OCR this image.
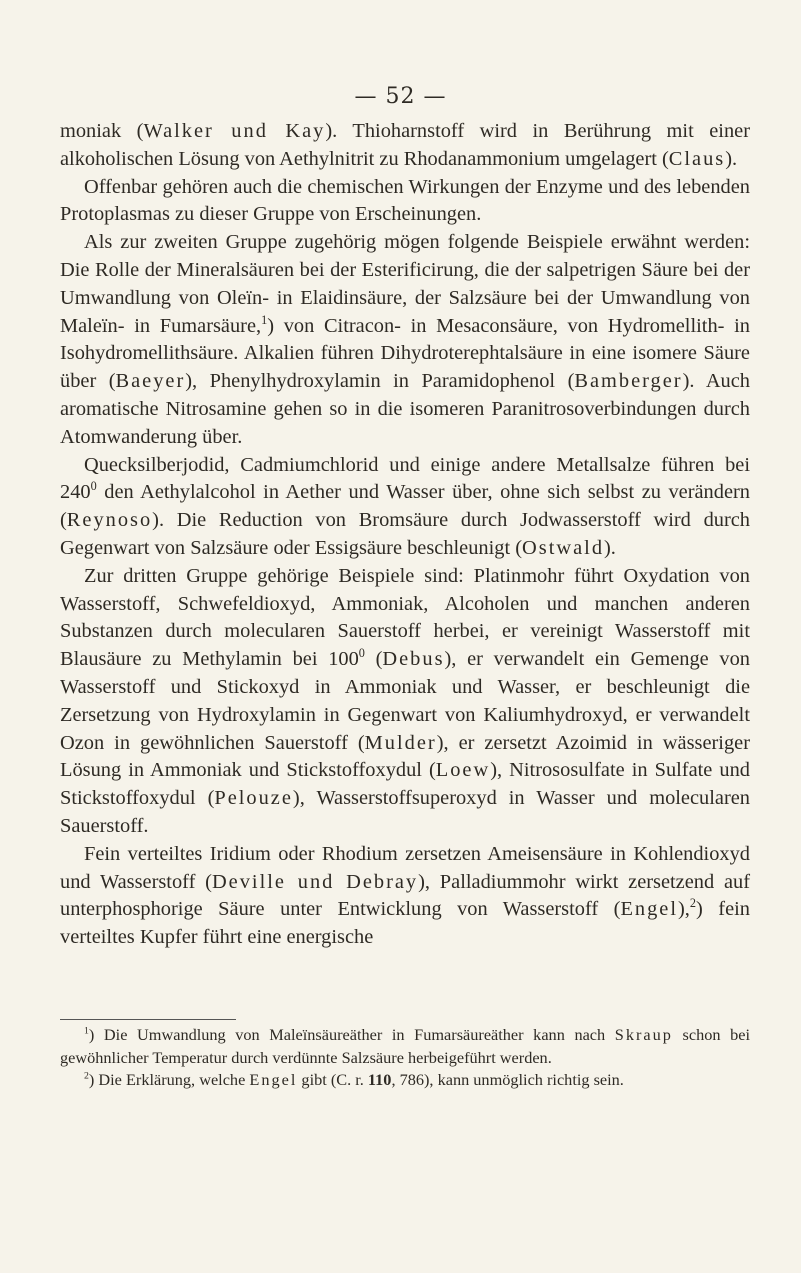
— 52 —

moniak (Walker und Kay). Thioharnstoff wird in Berührung mit einer alkoholischen Lösung von Aethylnitrit zu Rhodanammonium umgelagert (Claus).

Offenbar gehören auch die chemischen Wirkungen der Enzyme und des lebenden Protoplasmas zu dieser Gruppe von Erscheinungen.

Als zur zweiten Gruppe zugehörig mögen folgende Beispiele erwähnt werden: Die Rolle der Mineralsäuren bei der Esterificirung, die der salpetrigen Säure bei der Umwandlung von Oleïn- in Elaidinsäure, der Salzsäure bei der Umwandlung von Maleïn- in Fumarsäure,$^1$) von Citracon- in Mesaconsäure, von Hydromellith- in Isohydromellithsäure. Alkalien führen Dihydroterephtalsäure in eine isomere Säure über (Baeyer), Phenylhydroxylamin in Paramidophenol (Bamberger). Auch aromatische Nitrosamine gehen so in die isomeren Paranitrosoverbindungen durch Atomwanderung über.

Quecksilberjodid, Cadmiumchlorid und einige andere Metallsalze führen bei $240^0$ den Aethylalcohol in Aether und Wasser über, ohne sich selbst zu verändern (Reynoso). Die Reduction von Bromsäure durch Jodwasserstoff wird durch Gegenwart von Salzsäure oder Essigsäure beschleunigt (Ostwald).

Zur dritten Gruppe gehörige Beispiele sind: Platinmohr führt Oxydation von Wasserstoff, Schwefeldioxyd, Ammoniak, Alcoholen und manchen anderen Substanzen durch molecularen Sauerstoff herbei, er vereinigt Wasserstoff mit Blausäure zu Methylamin bei $100^0$ (Debus), er verwandelt ein Gemenge von Wasserstoff und Stickoxyd in Ammoniak und Wasser, er beschleunigt die Zersetzung von Hydroxylamin in Gegenwart von Kaliumhydroxyd, er verwandelt Ozon in gewöhnlichen Sauerstoff (Mulder), er zersetzt Azoimid in wässeriger Lösung in Ammoniak und Stickstoffoxydul (Loew), Nitrososulfate in Sulfate und Stickstoffoxydul (Pelouze), Wasserstoffsuperoxyd in Wasser und molecularen Sauerstoff.

Fein verteiltes Iridium oder Rhodium zersetzen Ameisensäure in Kohlendioxyd und Wasserstoff (Deville und Debray), Palladiummohr wirkt zersetzend auf unterphosphorige Säure unter Entwicklung von Wasserstoff (Engel),$^2$) fein verteiltes Kupfer führt eine energische

$^1$) Die Umwandlung von Maleïnsäureäther in Fumarsäureäther kann nach Skraup schon bei gewöhnlicher Temperatur durch verdünnte Salzsäure herbeigeführt werden.

$^2$) Die Erklärung, welche Engel gibt (C. r. 110, 786), kann unmöglich richtig sein.
